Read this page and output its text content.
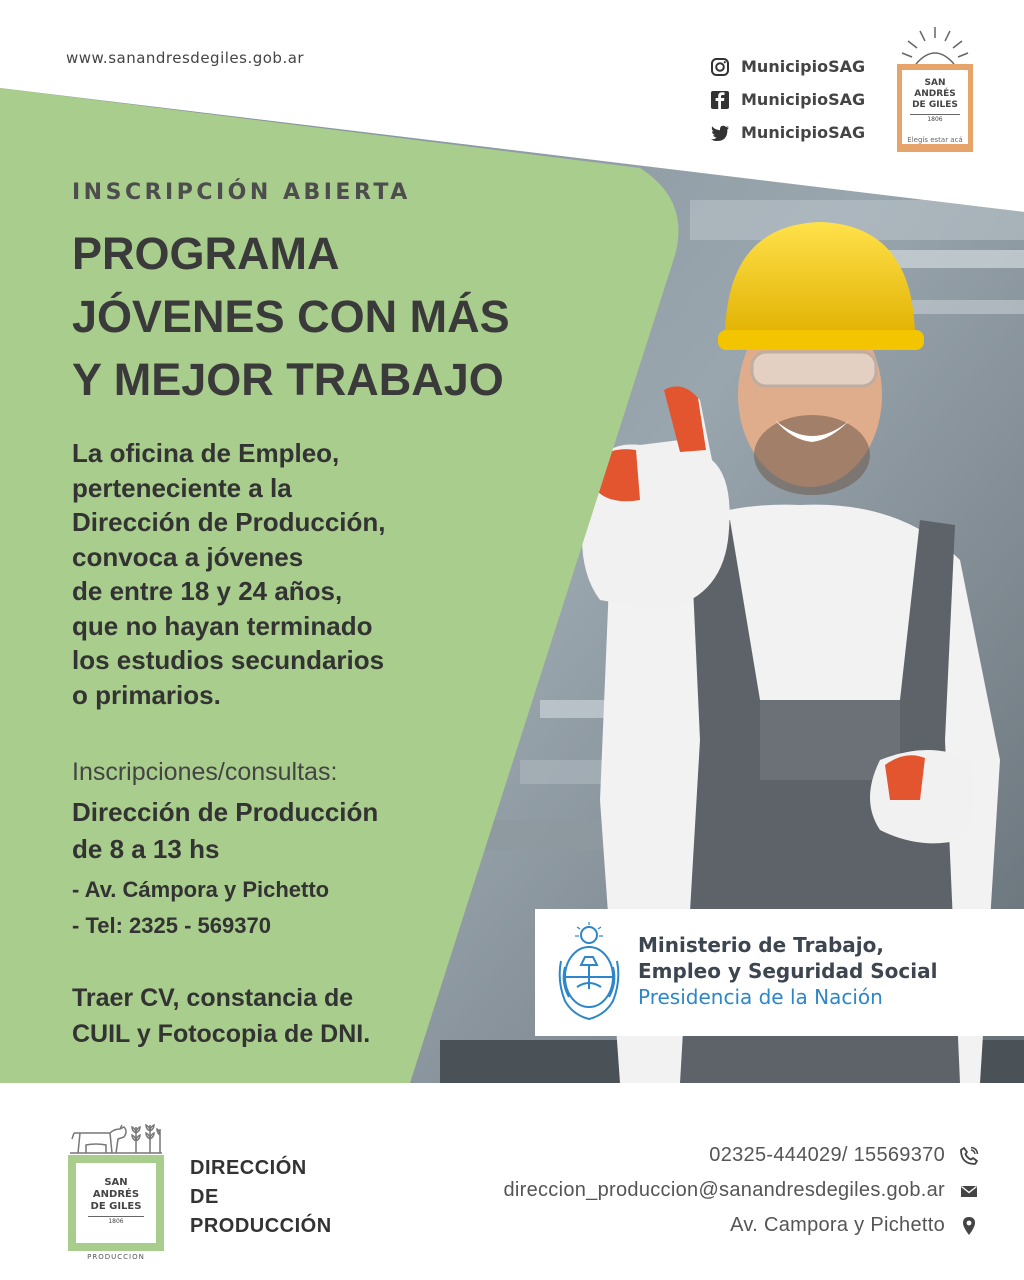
www.sanandresdegiles.gob.ar	MunicipioSAG
MunicipioSAG
MunicipioSAG
SAN
ANDRÉS
DE GILES
1806
Elegís estar acá
INSCRIPCIÓN ABIERTA
PROGRAMA
JÓVENES CON MÁS
Y MEJOR TRABAJO
La oficina de Empleo,
perteneciente a la
Dirección de Producción,
convoca a jóvenes
de entre 18 y 24 años,
que no hayan terminado
los estudios secundarios
o primarios.
Inscripciones/consultas:
Dirección de Producción
de 8 a 13 hs
- Av. Cámpora y Pichetto
- Tel: 2325 - 569370
Traer CV, constancia de
CUIL y Fotocopia de DNI.
Ministerio de Trabajo,
Empleo y Seguridad Social
Presidencia de la Nación
SAN
ANDRÉS
DE GILES
1806
PRODUCCION
DIRECCIÓN
DE
PRODUCCIÓN
02325-444029/ 15569370
direccion_produccion@sanandresdegiles.gob.ar
Av. Campora y Pichetto
